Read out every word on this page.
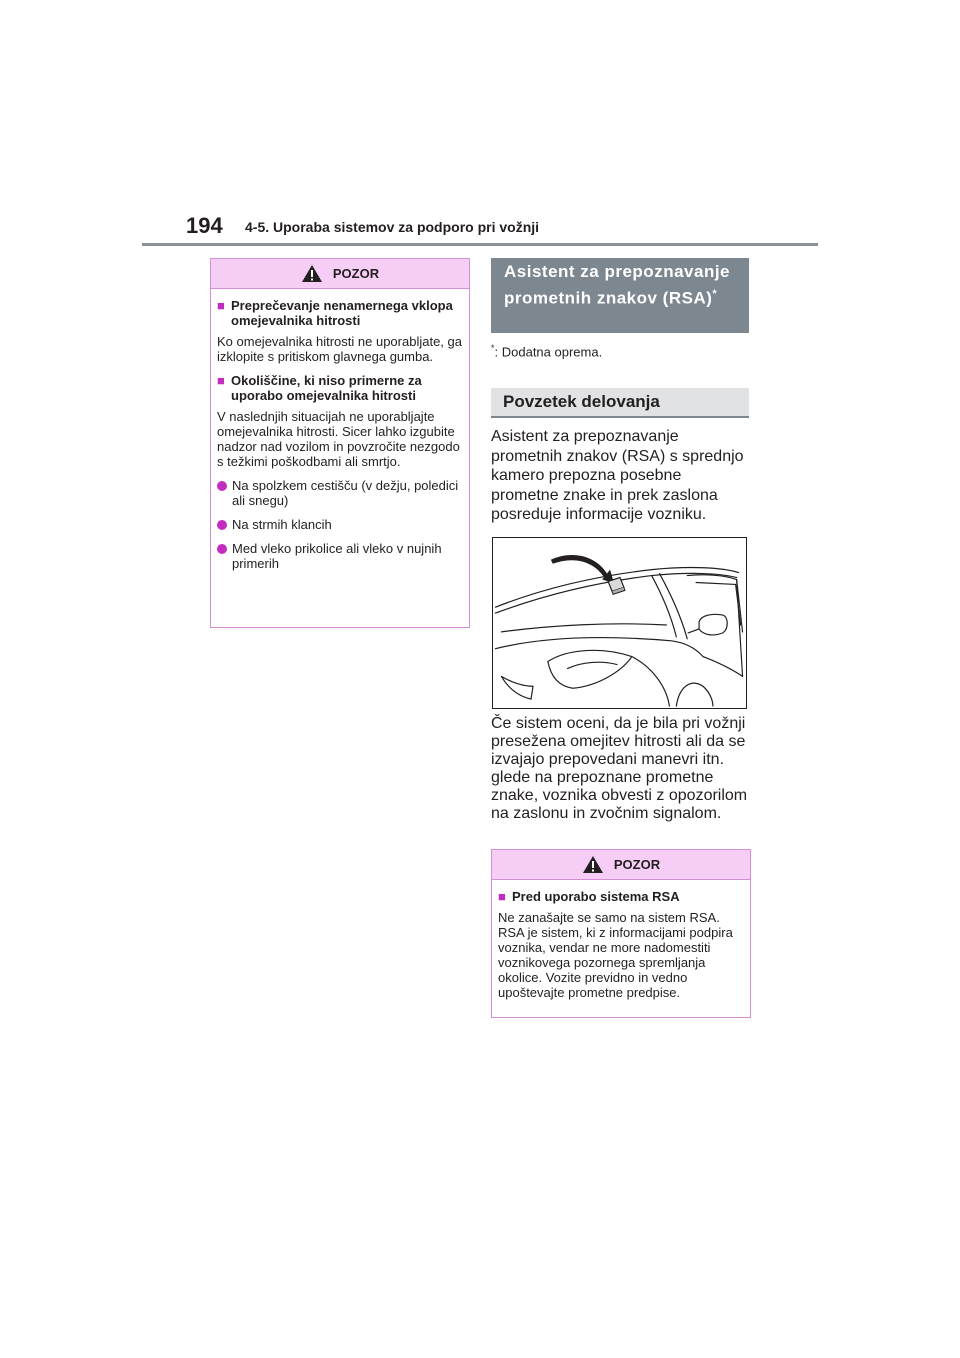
194 4-5. Uporaba sistemov za podporo pri vožnji
POZOR
■ Preprečevanje nenamernega vklopa omejevalnika hitrosti

Ko omejevalnika hitrosti ne uporabljate, ga izklopite s pritiskom glavnega gumba.

■ Okoliščine, ki niso primerne za uporabo omejevalnika hitrosti

V naslednjih situacijah ne uporabljajte omejevalnika hitrosti. Sicer lahko izgubite nadzor nad vozilom in povzročite nezgodo s težkimi poškodbami ali smrtjo.

Na spolzkem cestišču (v dežju, poledici ali snegu)
Na strmih klancih
Med vleko prikolice ali vleko v nujnih primerih
Asistent za prepoznavanje prometnih znakov (RSA)*
*: Dodatna oprema.
Povzetek delovanja

Asistent za prepoznavanje prometnih znakov (RSA) s sprednjo kamero prepozna posebne prometne znake in prek zaslona posreduje informacije vozniku.

Če sistem oceni, da je bila pri vožnji presežena omejitev hitrosti ali da se izvajajo prepovedani manevri itn. glede na prepoznane prometne znake, voznika obvesti z opozorilom na zaslonu in zvočnim signalom.

POZOR
■ Pred uporabo sistema RSA

Ne zanašajte se samo na sistem RSA. RSA je sistem, ki z informacijami podpira voznika, vendar ne more nadomestiti voznikovega pozornega spremljanja okolice. Vozite previdno in vedno upoštevajte prometne predpise.
